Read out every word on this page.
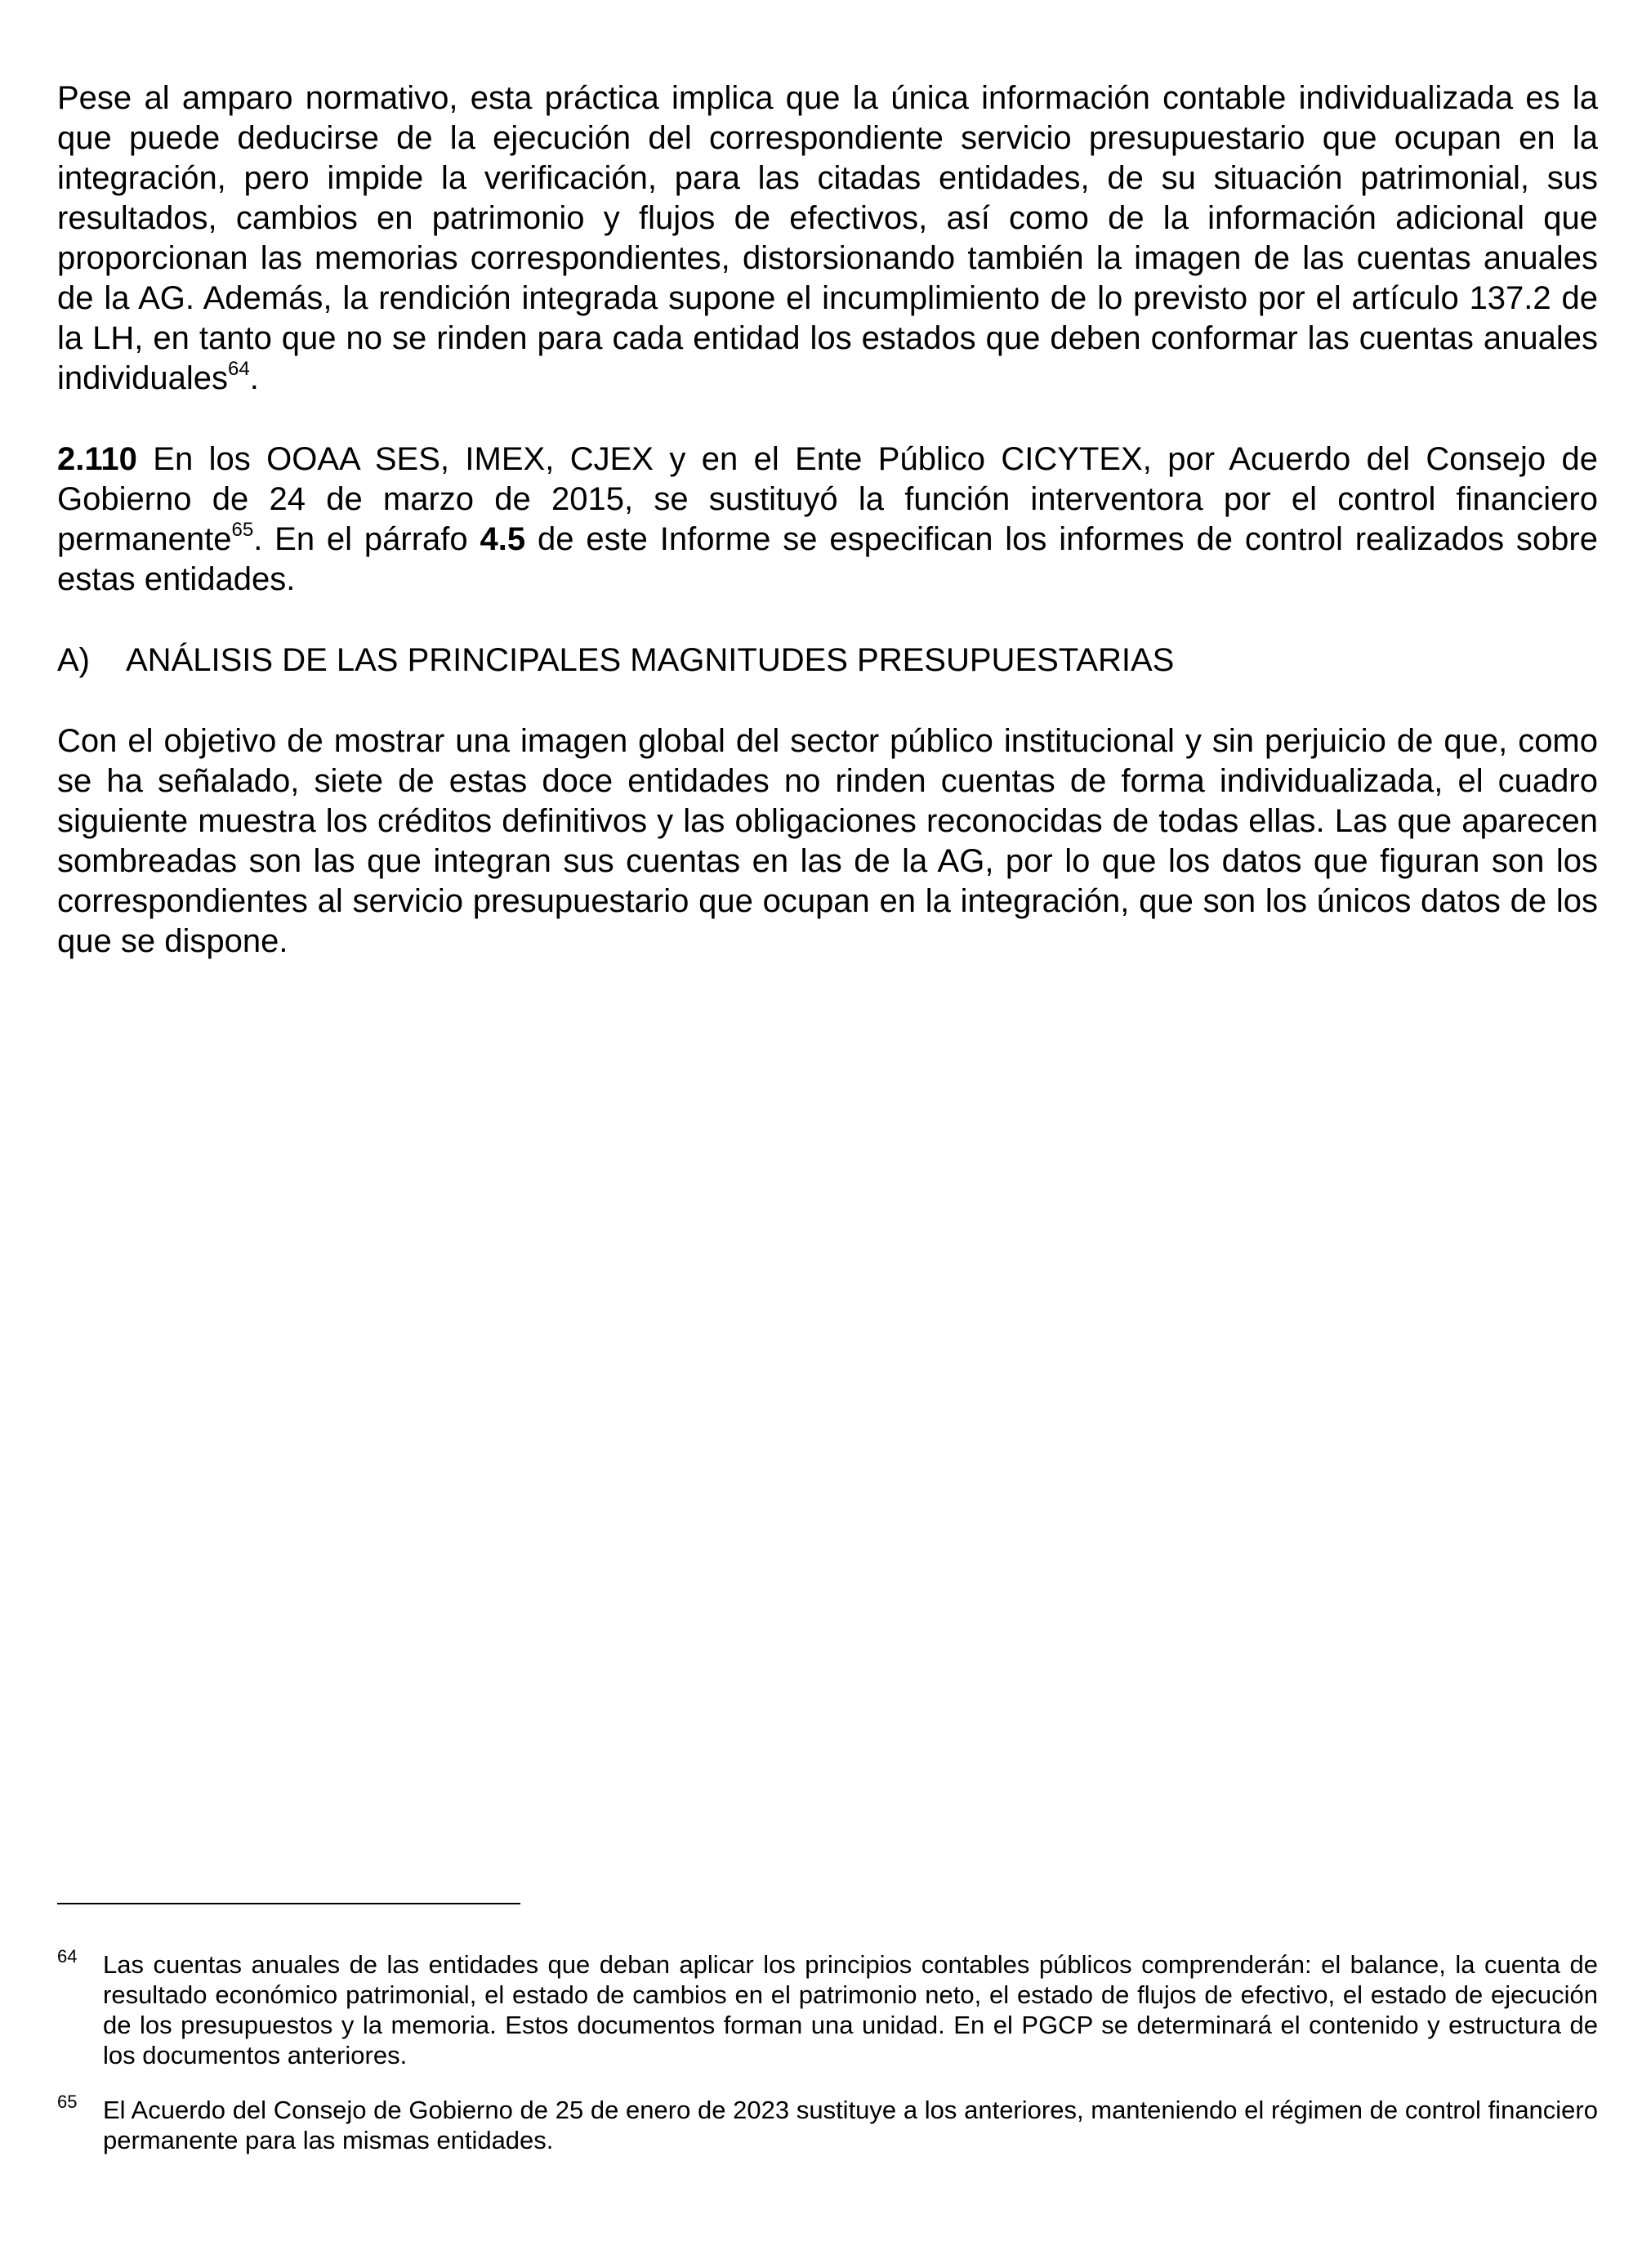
Pese al amparo normativo, esta práctica implica que la única información contable individualizada es la que puede deducirse de la ejecución del correspondiente servicio presupuestario que ocupan en la integración, pero impide la verificación, para las citadas entidades, de su situación patrimonial, sus resultados, cambios en patrimonio y flujos de efectivos, así como de la información adicional que proporcionan las memorias correspondientes, distorsionando también la imagen de las cuentas anuales de la AG. Además, la rendición integrada supone el incumplimiento de lo previsto por el artículo 137.2 de la LH, en tanto que no se rinden para cada entidad los estados que deben conformar las cuentas anuales individuales$^{64}$.

2.110 En los OOAA SES, IMEX, CJEX y en el Ente Público CICYTEX, por Acuerdo del Consejo de Gobierno de 24 de marzo de 2015, se sustituyó la función interventora por el control financiero permanente$^{65}$. En el párrafo 4.5 de este Informe se especifican los informes de control realizados sobre estas entidades.

A) ANÁLISIS DE LAS PRINCIPALES MAGNITUDES PRESUPUESTARIAS

Con el objetivo de mostrar una imagen global del sector público institucional y sin perjuicio de que, como se ha señalado, siete de estas doce entidades no rinden cuentas de forma individualizada, el cuadro siguiente muestra los créditos definitivos y las obligaciones reconocidas de todas ellas. Las que aparecen sombreadas son las que integran sus cuentas en las de la AG, por lo que los datos que figuran son los correspondientes al servicio presupuestario que ocupan en la integración, que son los únicos datos de los que se dispone.

64 Las cuentas anuales de las entidades que deban aplicar los principios contables públicos comprenderán: el balance, la cuenta de resultado económico patrimonial, el estado de cambios en el patrimonio neto, el estado de flujos de efectivo, el estado de ejecución de los presupuestos y la memoria. Estos documentos forman una unidad. En el PGCP se determinará el contenido y estructura de los documentos anteriores.
65 El Acuerdo del Consejo de Gobierno de 25 de enero de 2023 sustituye a los anteriores, manteniendo el régimen de control financiero permanente para las mismas entidades.
